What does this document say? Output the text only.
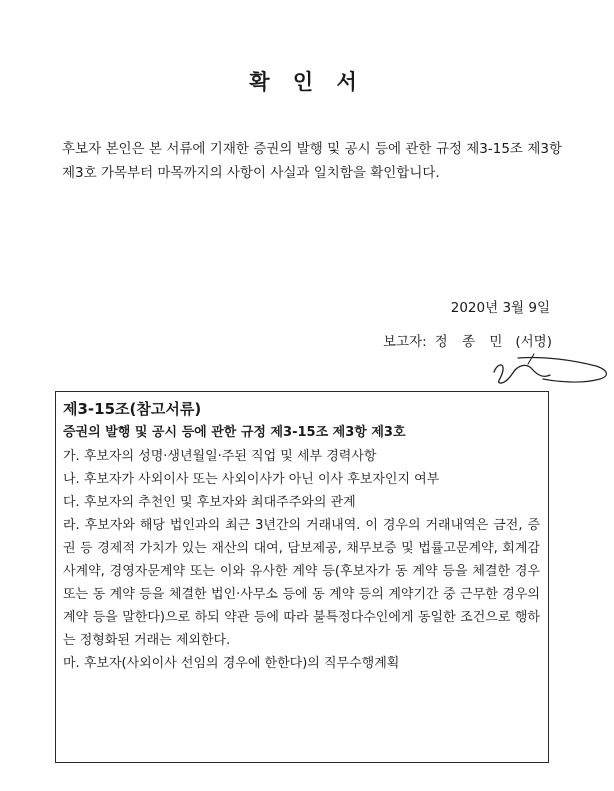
확 인 서
후보자 본인은 본 서류에 기재한 증권의 발행 및 공시 등에 관한 규정 제3-15조 제3항 제3호 가목부터 마목까지의 사항이 사실과 일치함을 확인합니다.
2020년 3월 9일
보고자: 정 종 민 (서명)
제3-15조(참고서류)
증권의 발행 및 공시 등에 관한 규정 제3-15조 제3항 제3호
가. 후보자의 성명·생년월일·주된 직업 및 세부 경력사항
나. 후보자가 사외이사 또는 사외이사가 아닌 이사 후보자인지 여부
다. 후보자의 추천인 및 후보자와 최대주주와의 관계
라. 후보자와 해당 법인과의 최근 3년간의 거래내역. 이 경우의 거래내역은 금전, 증권 등 경제적 가치가 있는 재산의 대여, 담보제공, 채무보증 및 법률고문계약, 회계감사계약, 경영자문계약 또는 이와 유사한 계약 등(후보자가 동 계약 등을 체결한 경우 또는 동 계약 등을 체결한 법인·사무소 등에 동 계약 등의 계약기간 중 근무한 경우의 계약 등을 말한다)으로 하되 약관 등에 따라 불특정다수인에게 동일한 조건으로 행하는 정형화된 거래는 제외한다.
마. 후보자(사외이사 선임의 경우에 한한다)의 직무수행계획
